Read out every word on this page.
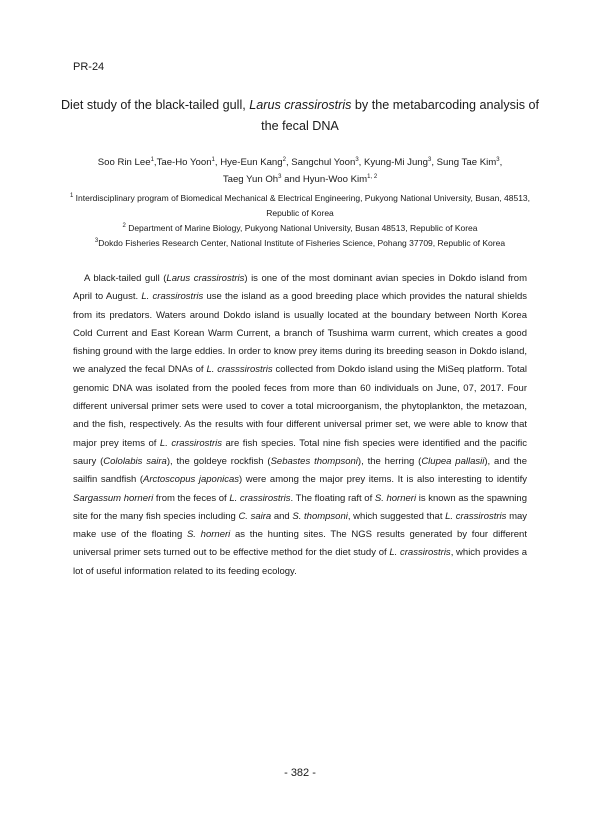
PR-24
Diet study of the black-tailed gull, Larus crassirostris by the metabarcoding analysis of the fecal DNA
Soo Rin Lee$^1$,Tae-Ho Yoon$^1$, Hye-Eun Kang$^2$, Sangchul Yoon$^3$, Kyung-Mi Jung$^3$, Sung Tae Kim$^3$,
Taeg Yun Oh$^3$ and Hyun-Woo Kim$^{1, 2}$
$^1$ Interdisciplinary program of Biomedical Mechanical & Electrical Engineering, Pukyong National University, Busan, 48513, Republic of Korea
$^2$ Department of Marine Biology, Pukyong National University, Busan 48513, Republic of Korea
$^3$Dokdo Fisheries Research Center, National Institute of Fisheries Science, Pohang 37709, Republic of Korea
A black-tailed gull (Larus crassirostris) is one of the most dominant avian species in Dokdo island from April to August. L. crassirostris use the island as a good breeding place which provides the natural shields from its predators. Waters around Dokdo island is usually located at the boundary between North Korea Cold Current and East Korean Warm Current, a branch of Tsushima warm current, which creates a good fishing ground with the large eddies. In order to know prey items during its breeding season in Dokdo island, we analyzed the fecal DNAs of L. crasssirostris collected from Dokdo island using the MiSeq platform. Total genomic DNA was isolated from the pooled feces from more than 60 individuals on June, 07, 2017. Four different universal primer sets were used to cover a total microorganism, the phytoplankton, the metazoan, and the fish, respectively. As the results with four different universal primer set, we were able to know that major prey items of L. crassirostris are fish species. Total nine fish species were identified and the pacific saury (Cololabis saira), the goldeye rockfish (Sebastes thompsoni), the herring (Clupea pallasii), and the sailfin sandfish (Arctoscopus japonicas) were among the major prey items. It is also interesting to identify Sargassum horneri from the feces of L. crassirostris. The floating raft of S. horneri is known as the spawning site for the many fish species including C. saira and S. thompsoni, which suggested that L. crassirostris may make use of the floating S. horneri as the hunting sites. The NGS results generated by four different universal primer sets turned out to be effective method for the diet study of L. crassirostris, which provides a lot of useful information related to its feeding ecology.
- 382 -
